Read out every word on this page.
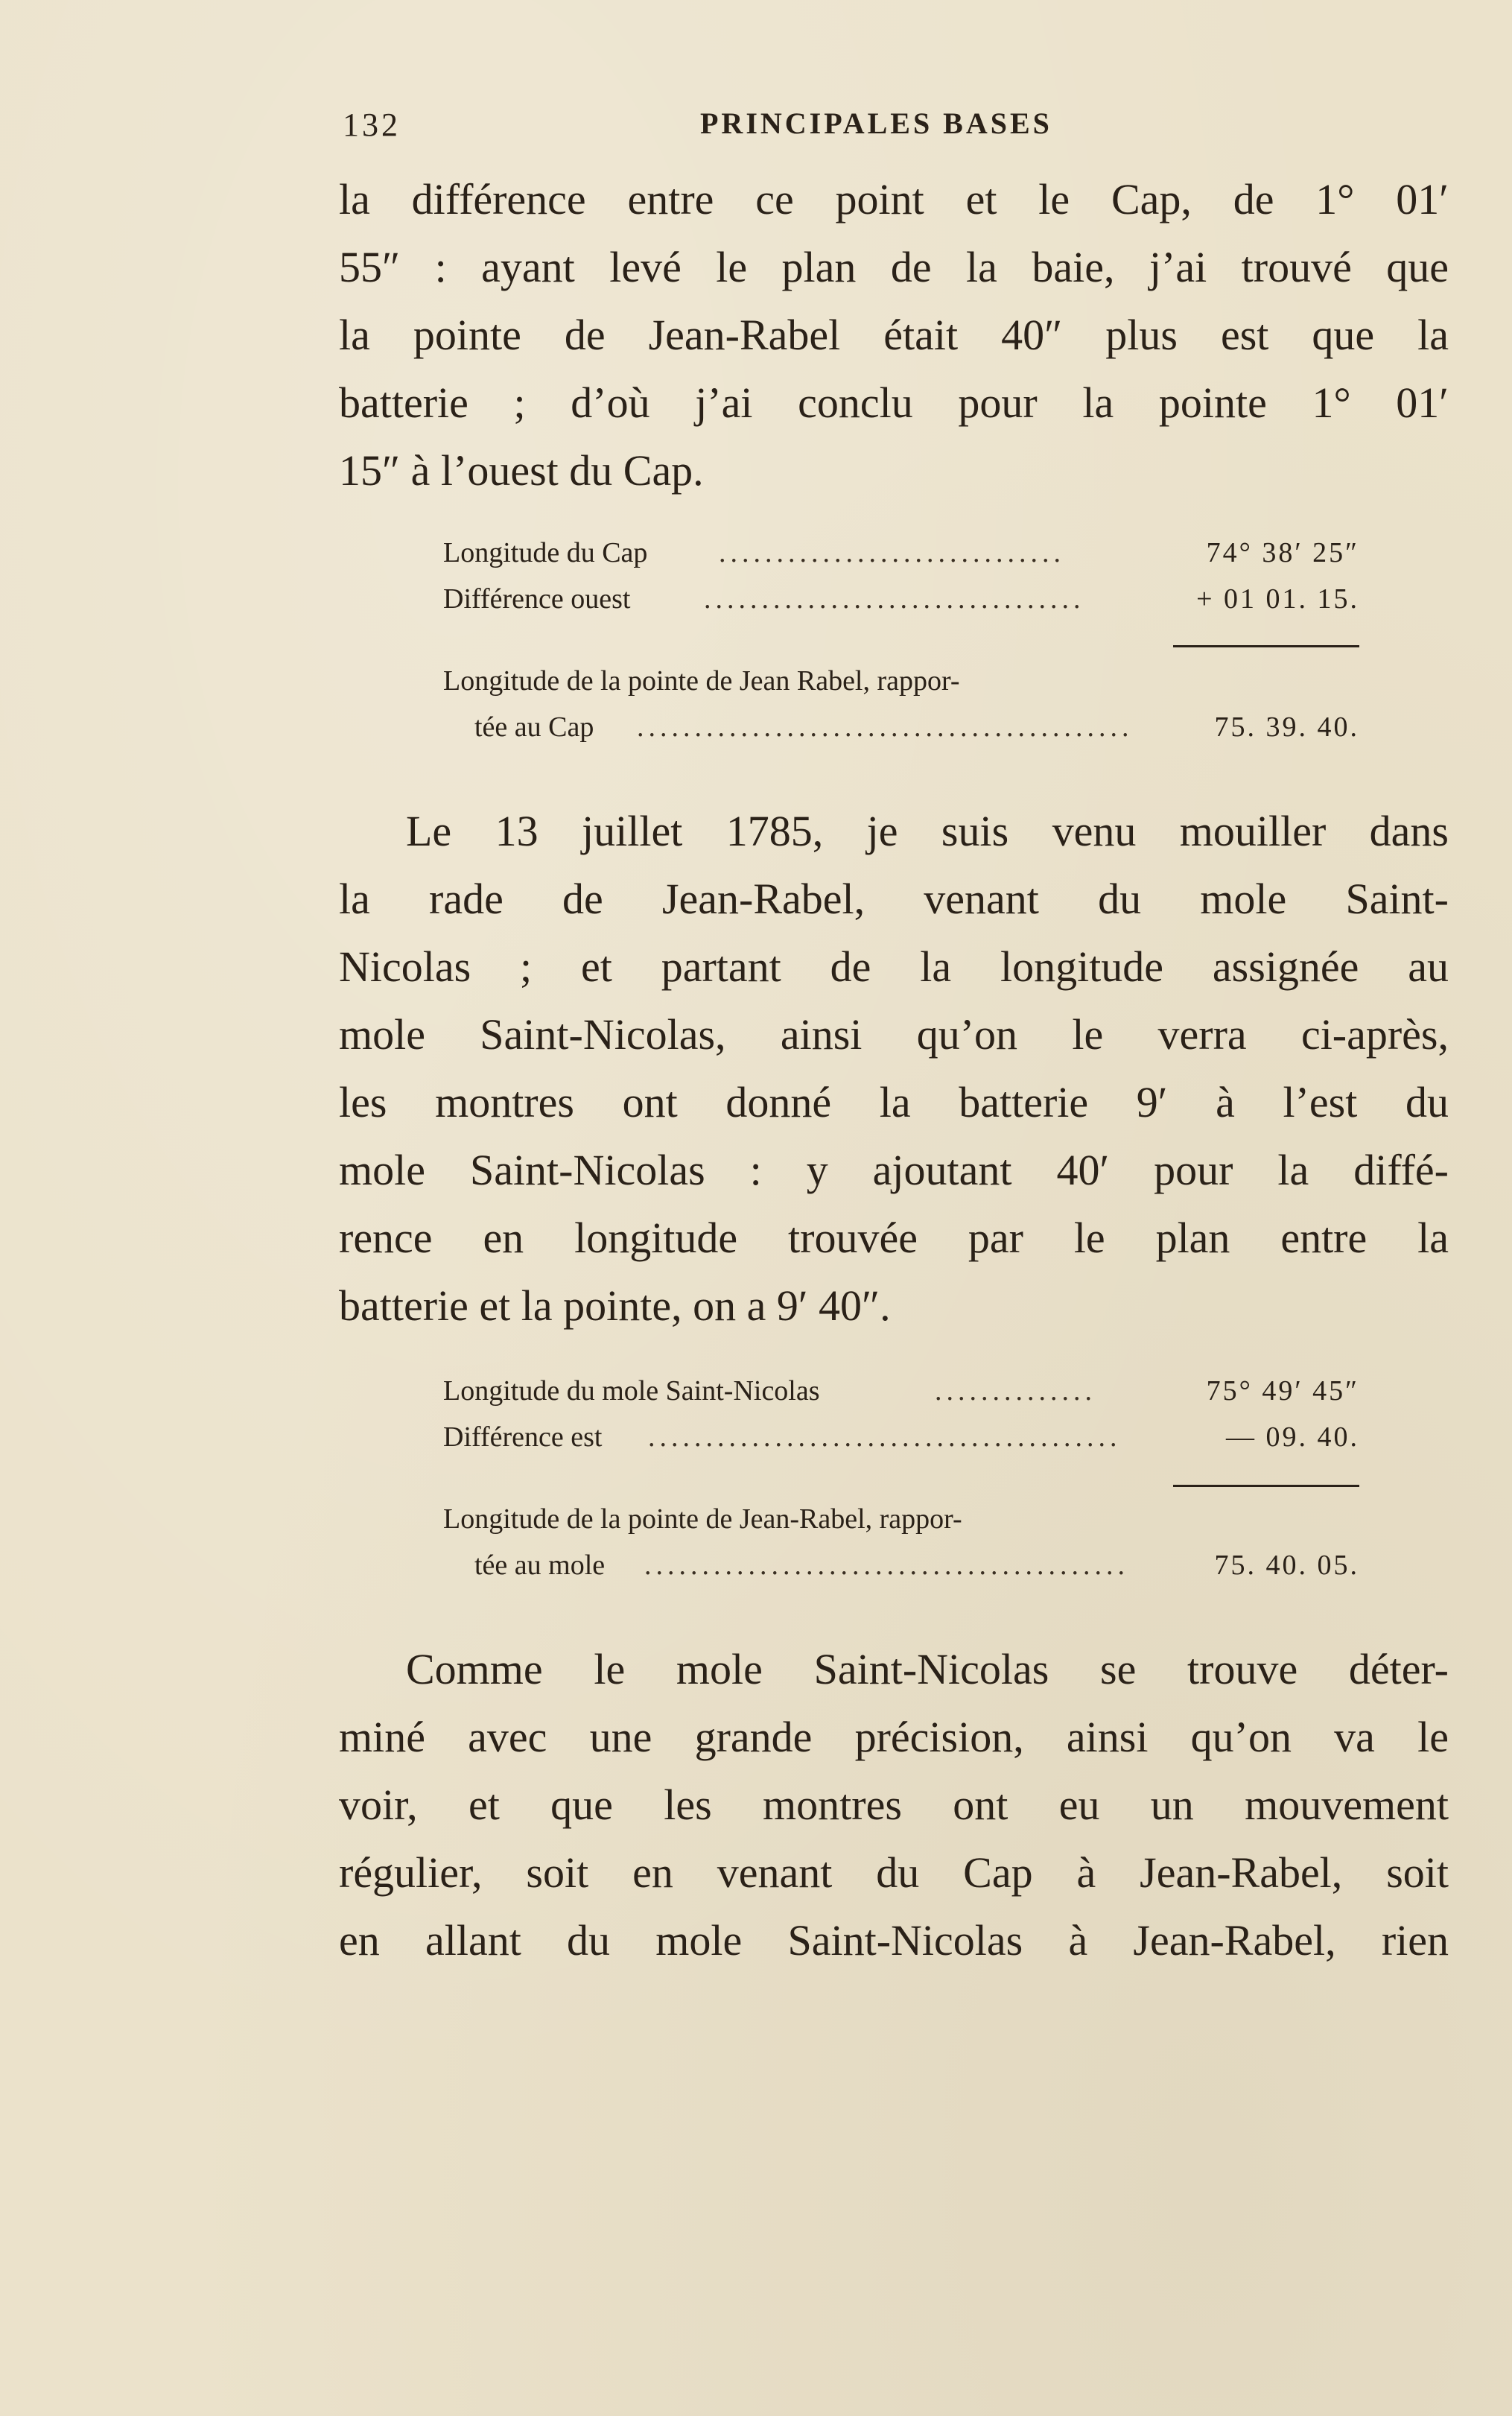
132	PRINCIPALES BASES

la différence entre ce point et le Cap, de 1° 01′
55″ : ayant levé le plan de la baie, j’ai trouvé que
la pointe de Jean-Rabel était 40″ plus est que la
batterie ; d’où j’ai conclu pour la pointe 1° 01′
15″ à l’ouest du Cap.

Longitude du Cap	..............................	74° 38′ 25″
Différence ouest	.................................	+ 01 01. 15.
Longitude de la pointe de Jean Rabel, rappor-
tée au Cap ...........................................	75. 39. 40.

Le 13 juillet 1785, je suis venu mouiller dans
la rade de Jean-Rabel, venant du mole Saint-
Nicolas ; et partant de la longitude assignée au
mole Saint-Nicolas, ainsi qu’on le verra ci-après,
les montres ont donné la batterie 9′ à l’est du
mole Saint-Nicolas : y ajoutant 40′ pour la diffé-
rence en longitude trouvée par le plan entre la
batterie et la pointe, on a 9′ 40″.

Longitude du mole Saint-Nicolas	..............	75° 49′ 45″
Différence est .........................................	— 09. 40.
Longitude de la pointe de Jean-Rabel, rappor-
tée au mole ..........................................	75. 40. 05.

Comme le mole Saint-Nicolas se trouve déter-
miné avec une grande précision, ainsi qu’on va le
voir, et que les montres ont eu un mouvement
régulier, soit en venant du Cap à Jean-Rabel, soit
en allant du mole Saint-Nicolas à Jean-Rabel, rien
